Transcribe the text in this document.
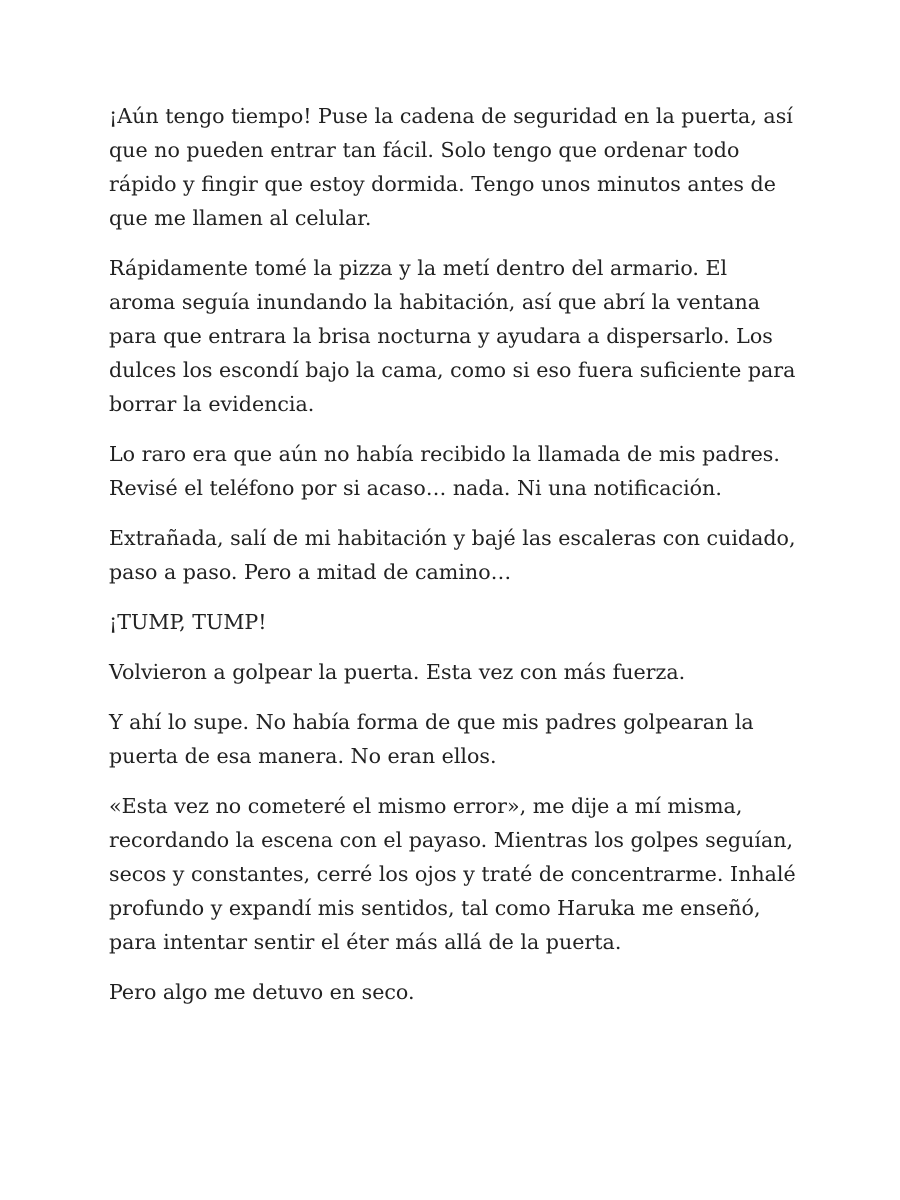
¡Aún tengo tiempo! Puse la cadena de seguridad en la puerta, así que no pueden entrar tan fácil. Solo tengo que ordenar todo rápido y fingir que estoy dormida. Tengo unos minutos antes de que me llamen al celular.

Rápidamente tomé la pizza y la metí dentro del armario. El aroma seguía inundando la habitación, así que abrí la ventana para que entrara la brisa nocturna y ayudara a dispersarlo. Los dulces los escondí bajo la cama, como si eso fuera suficiente para borrar la evidencia.

Lo raro era que aún no había recibido la llamada de mis padres. Revisé el teléfono por si acaso… nada. Ni una notificación.

Extrañada, salí de mi habitación y bajé las escaleras con cuidado, paso a paso. Pero a mitad de camino…

¡TUMP, TUMP!

Volvieron a golpear la puerta. Esta vez con más fuerza.

Y ahí lo supe. No había forma de que mis padres golpearan la puerta de esa manera. No eran ellos.

«Esta vez no cometeré el mismo error», me dije a mí misma, recordando la escena con el payaso. Mientras los golpes seguían, secos y constantes, cerré los ojos y traté de concentrarme. Inhalé profundo y expandí mis sentidos, tal como Haruka me enseñó, para intentar sentir el éter más allá de la puerta.

Pero algo me detuvo en seco.
